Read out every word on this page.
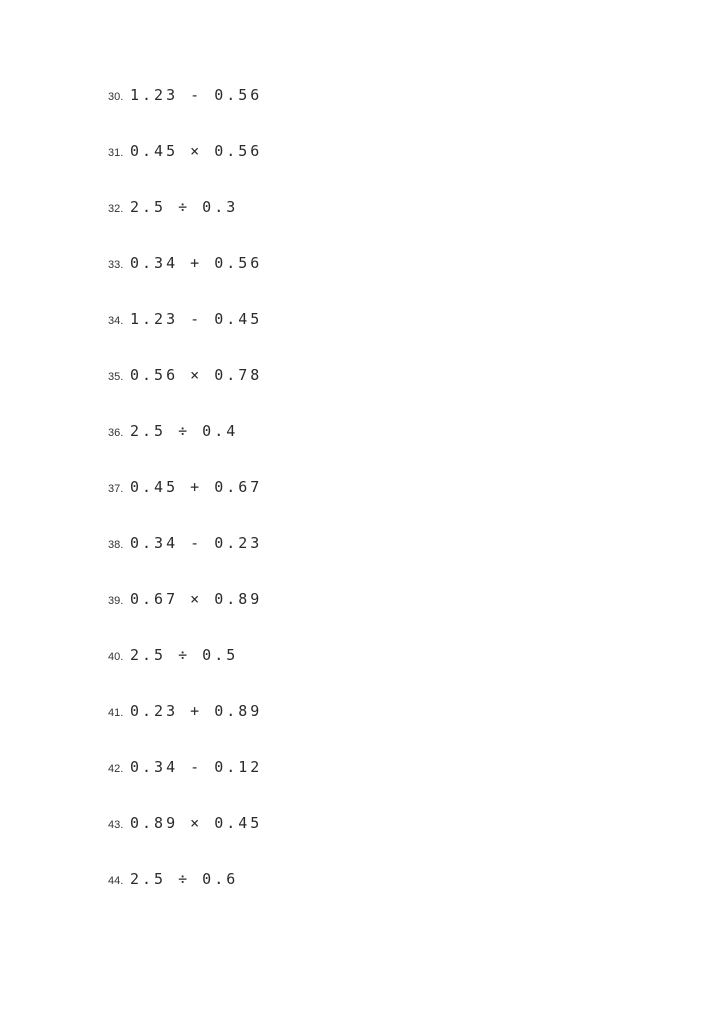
30. 1.23 - 0.56
31. 0.45 × 0.56
32. 2.5 ÷ 0.3
33. 0.34 + 0.56
34. 1.23 - 0.45
35. 0.56 × 0.78
36. 2.5 ÷ 0.4
37. 0.45 + 0.67
38. 0.34 - 0.23
39. 0.67 × 0.89
40. 2.5 ÷ 0.5
41. 0.23 + 0.89
42. 0.34 - 0.12
43. 0.89 × 0.45
44. 2.5 ÷ 0.6
